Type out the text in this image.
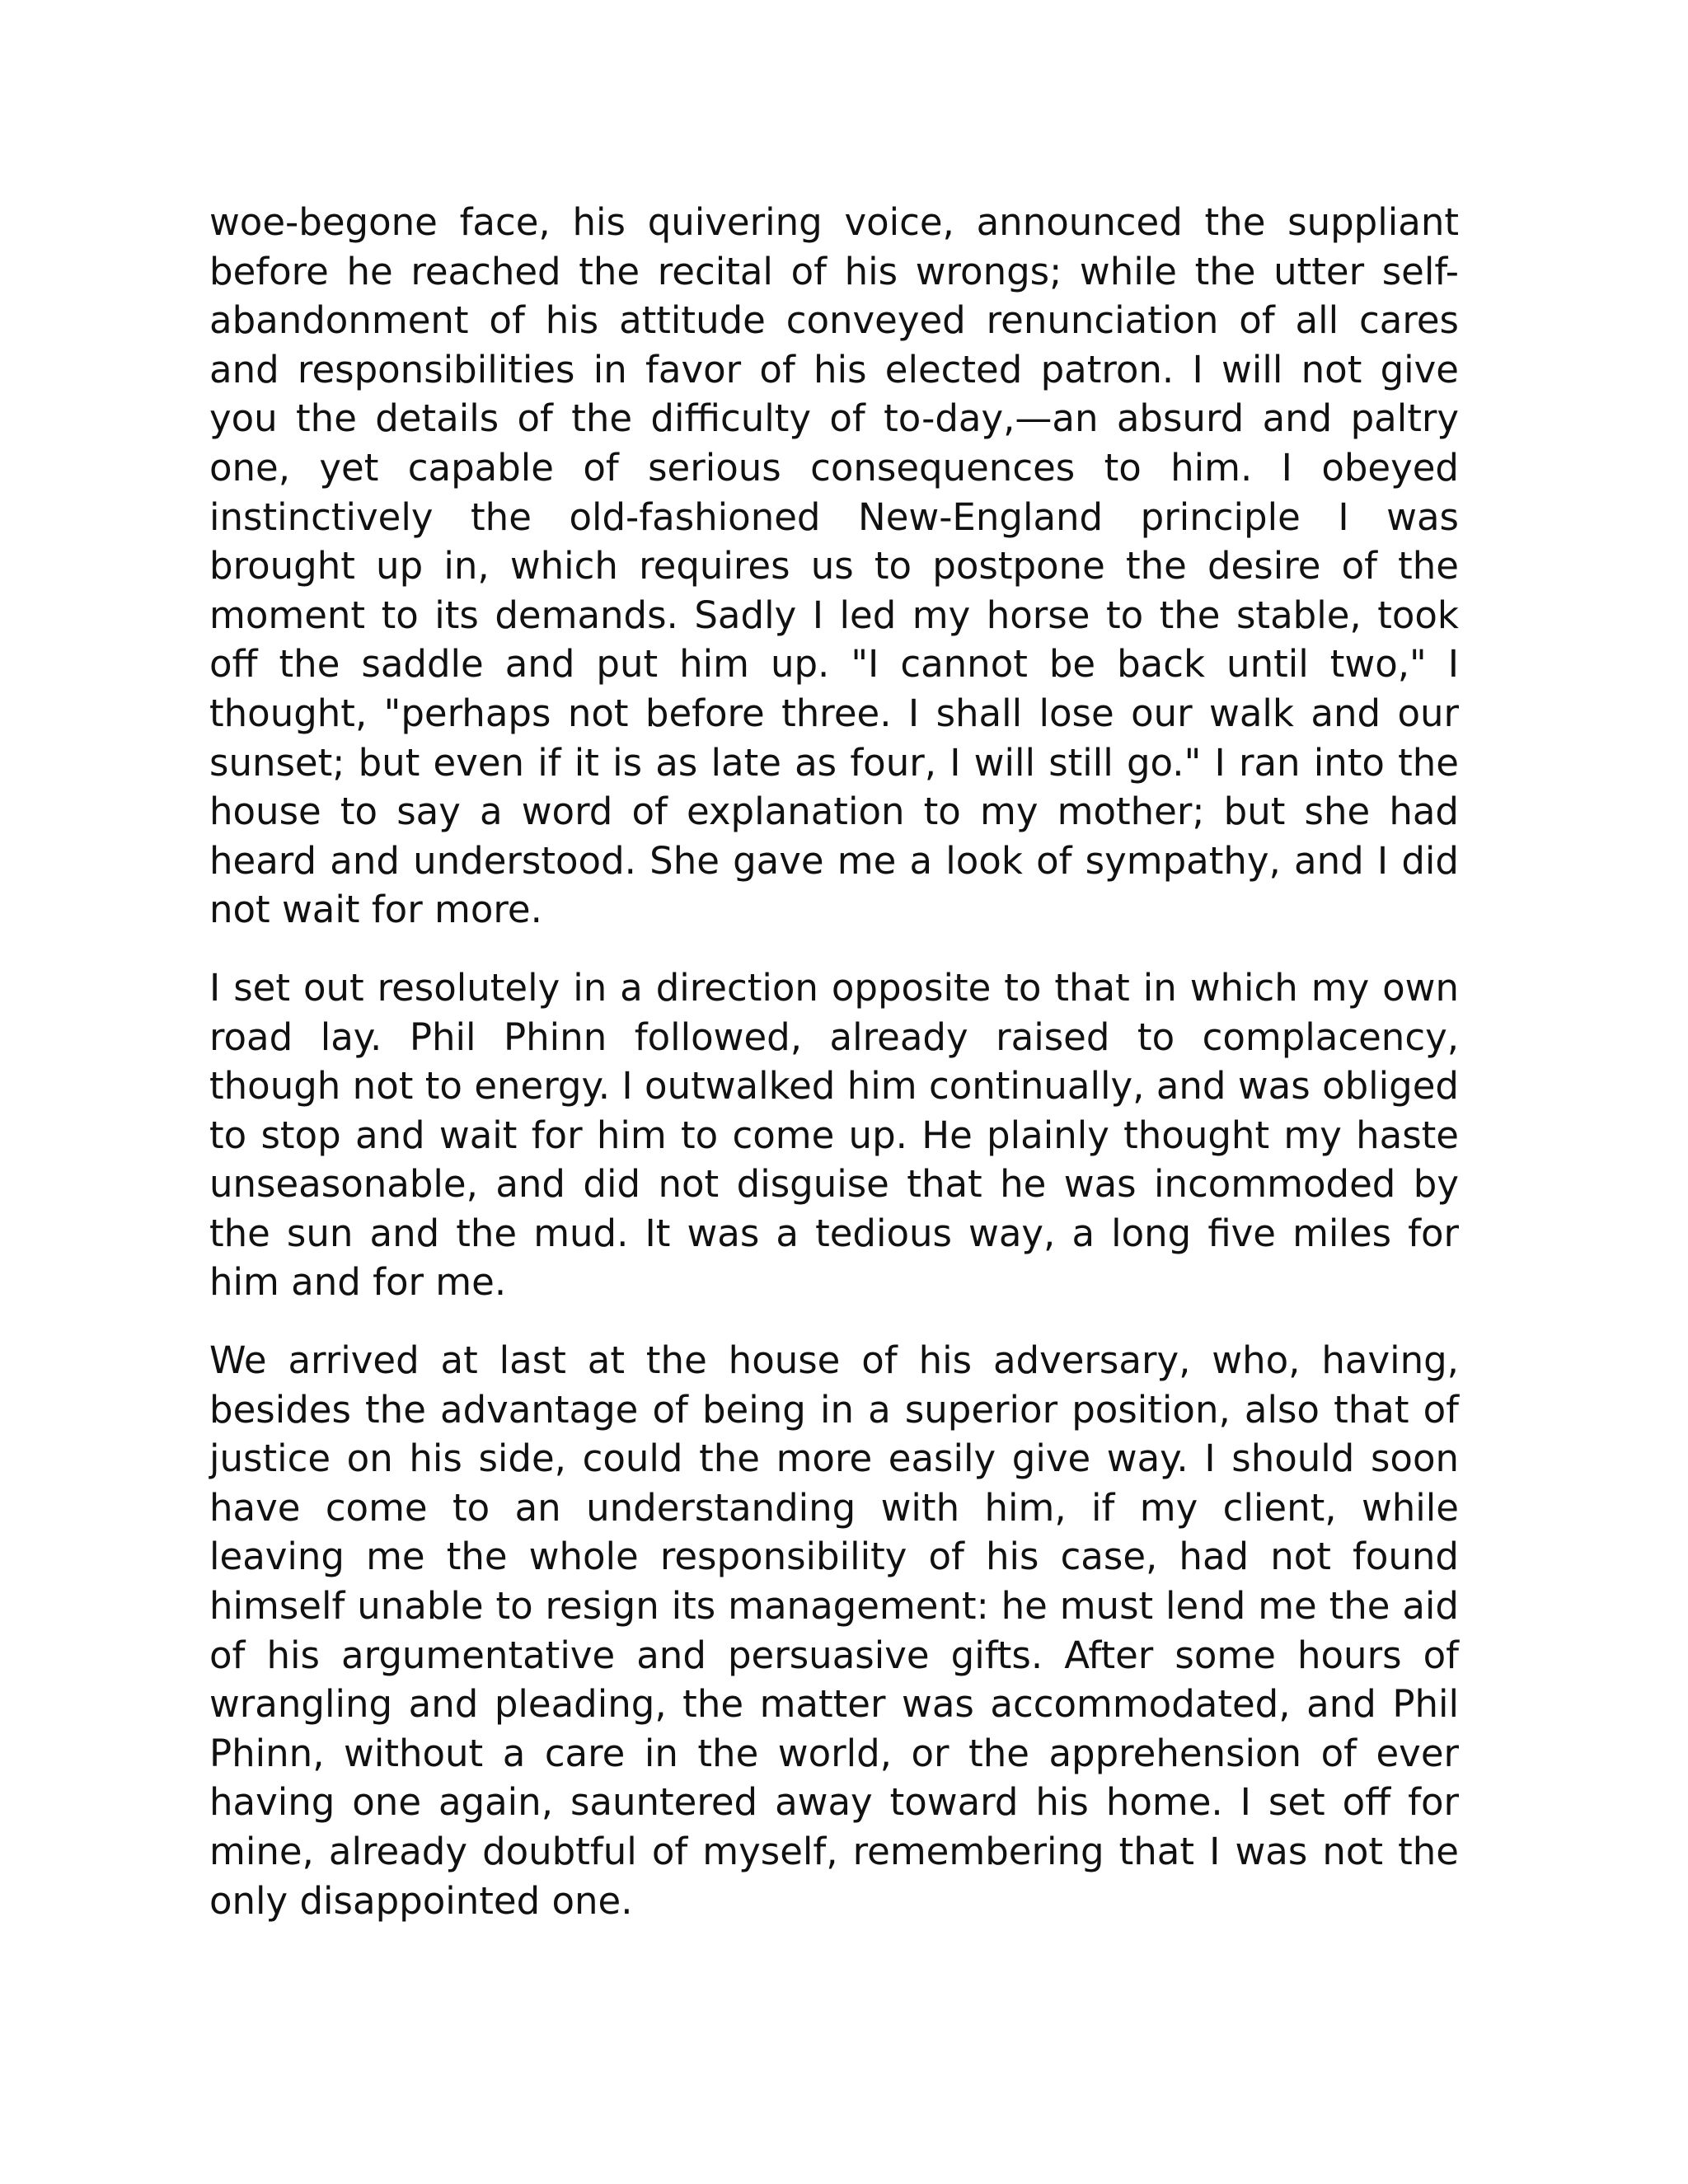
woe-begone face, his quivering voice, announced the suppliant before he reached the recital of his wrongs; while the utter self-abandonment of his attitude conveyed renunciation of all cares and responsibilities in favor of his elected patron. I will not give you the details of the difficulty of to-day,—an absurd and paltry one, yet capable of serious consequences to him. I obeyed instinctively the old-fashioned New-England principle I was brought up in, which requires us to postpone the desire of the moment to its demands. Sadly I led my horse to the stable, took off the saddle and put him up. "I cannot be back until two," I thought, "perhaps not before three. I shall lose our walk and our sunset; but even if it is as late as four, I will still go." I ran into the house to say a word of explanation to my mother; but she had heard and understood. She gave me a look of sympathy, and I did not wait for more.

I set out resolutely in a direction opposite to that in which my own road lay. Phil Phinn followed, already raised to complacency, though not to energy. I outwalked him continually, and was obliged to stop and wait for him to come up. He plainly thought my haste unseasonable, and did not disguise that he was incommoded by the sun and the mud. It was a tedious way, a long five miles for him and for me.

We arrived at last at the house of his adversary, who, having, besides the advantage of being in a superior position, also that of justice on his side, could the more easily give way. I should soon have come to an understanding with him, if my client, while leaving me the whole responsibility of his case, had not found himself unable to resign its management: he must lend me the aid of his argumentative and persuasive gifts. After some hours of wrangling and pleading, the matter was accommodated, and Phil Phinn, without a care in the world, or the apprehension of ever having one again, sauntered away toward his home. I set off for mine, already doubtful of myself, remembering that I was not the only disappointed one.
